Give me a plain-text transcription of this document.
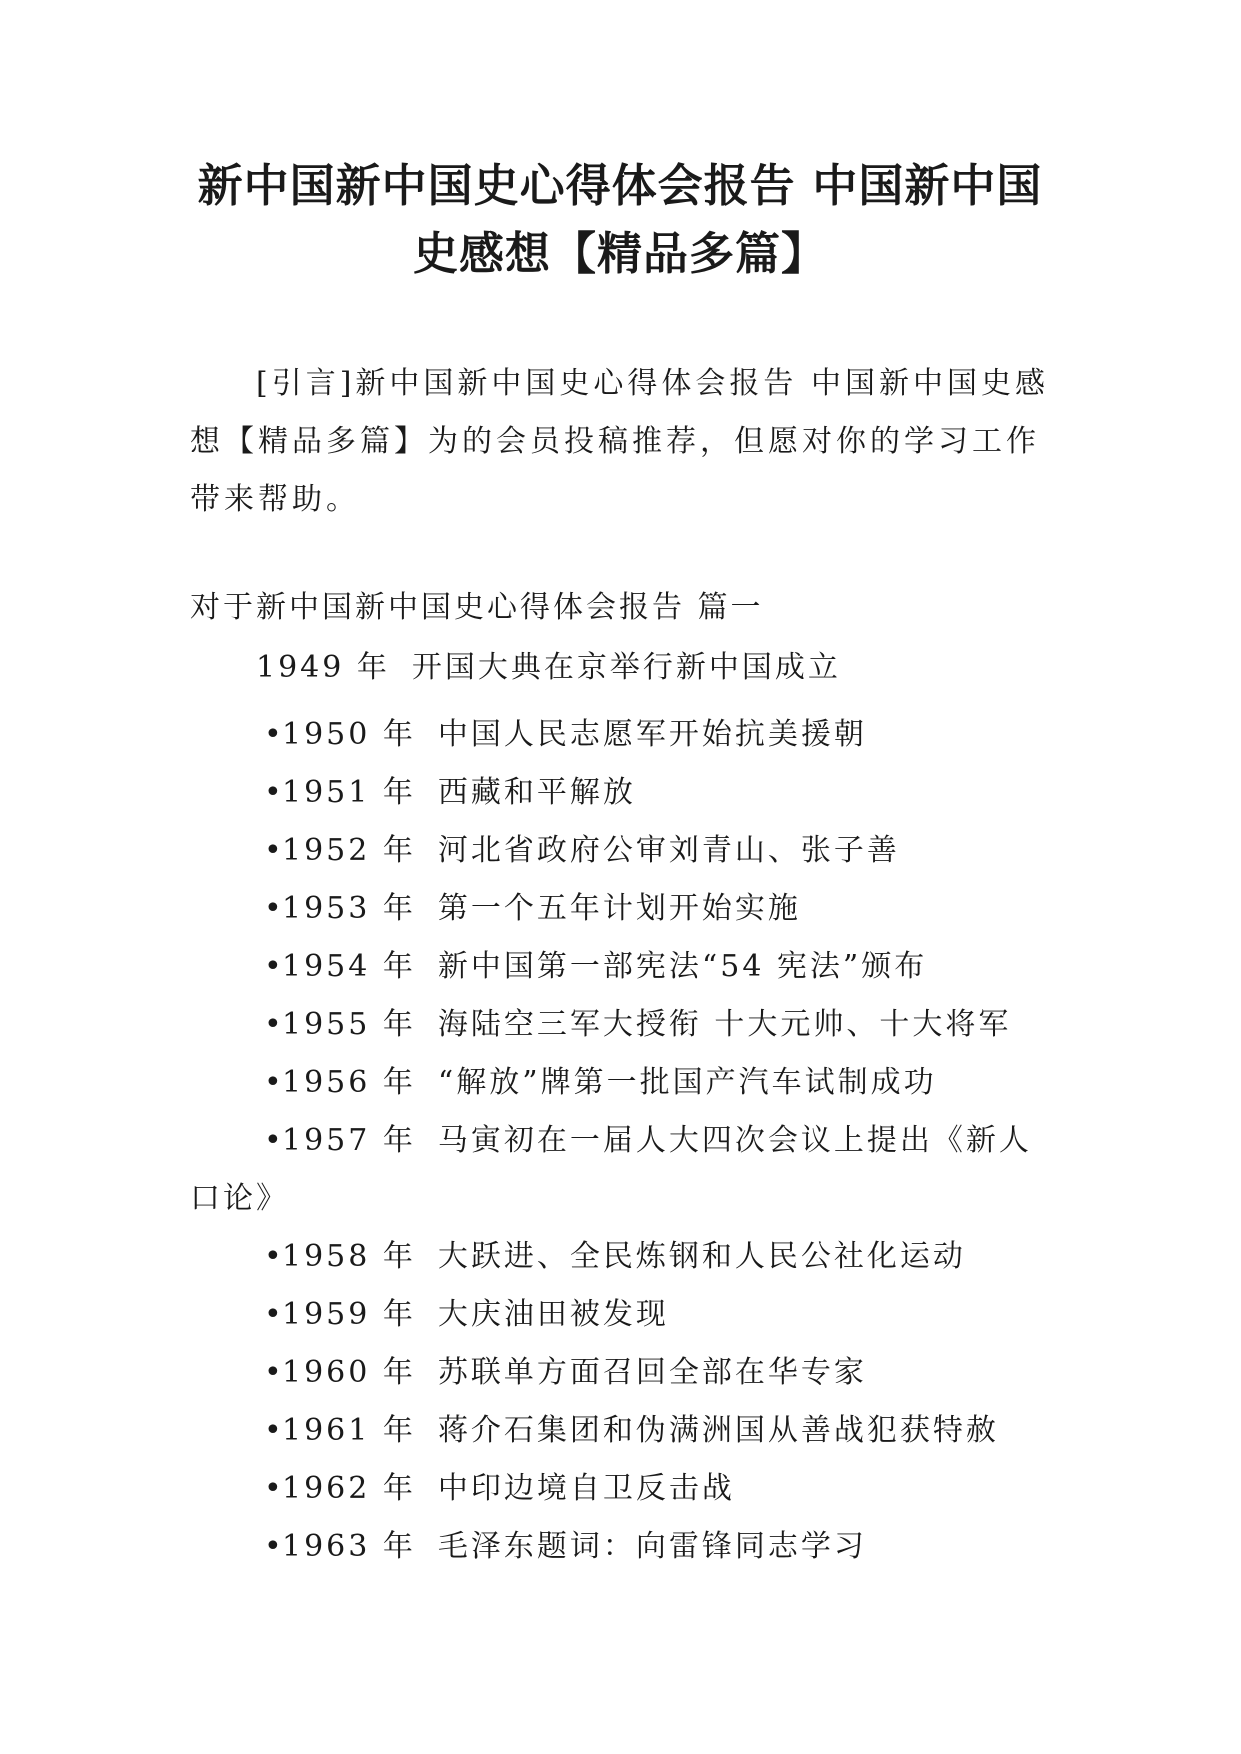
新中国新中国史心得体会报告 中国新中国
史感想【精品多篇】

[引言]新中国新中国史心得体会报告 中国新中国史感想【精品多篇】为的会员投稿推荐，但愿对你的学习工作带来帮助。

对于新中国新中国史心得体会报告 篇一

1949 年 开国大典在京举行新中国成立

•1950 年 中国人民志愿军开始抗美援朝
•1951 年 西藏和平解放
•1952 年 河北省政府公审刘青山、张子善
•1953 年 第一个五年计划开始实施
•1954 年 新中国第一部宪法“54 宪法”颁布
•1955 年 海陆空三军大授衔 十大元帅、十大将军
•1956 年 “解放”牌第一批国产汽车试制成功
•1957 年 马寅初在一届人大四次会议上提出《新人口论》
•1958 年 大跃进、全民炼钢和人民公社化运动
•1959 年 大庆油田被发现
•1960 年 苏联单方面召回全部在华专家
•1961 年 蒋介石集团和伪满洲国从善战犯获特赦
•1962 年 中印边境自卫反击战
•1963 年 毛泽东题词：向雷锋同志学习
